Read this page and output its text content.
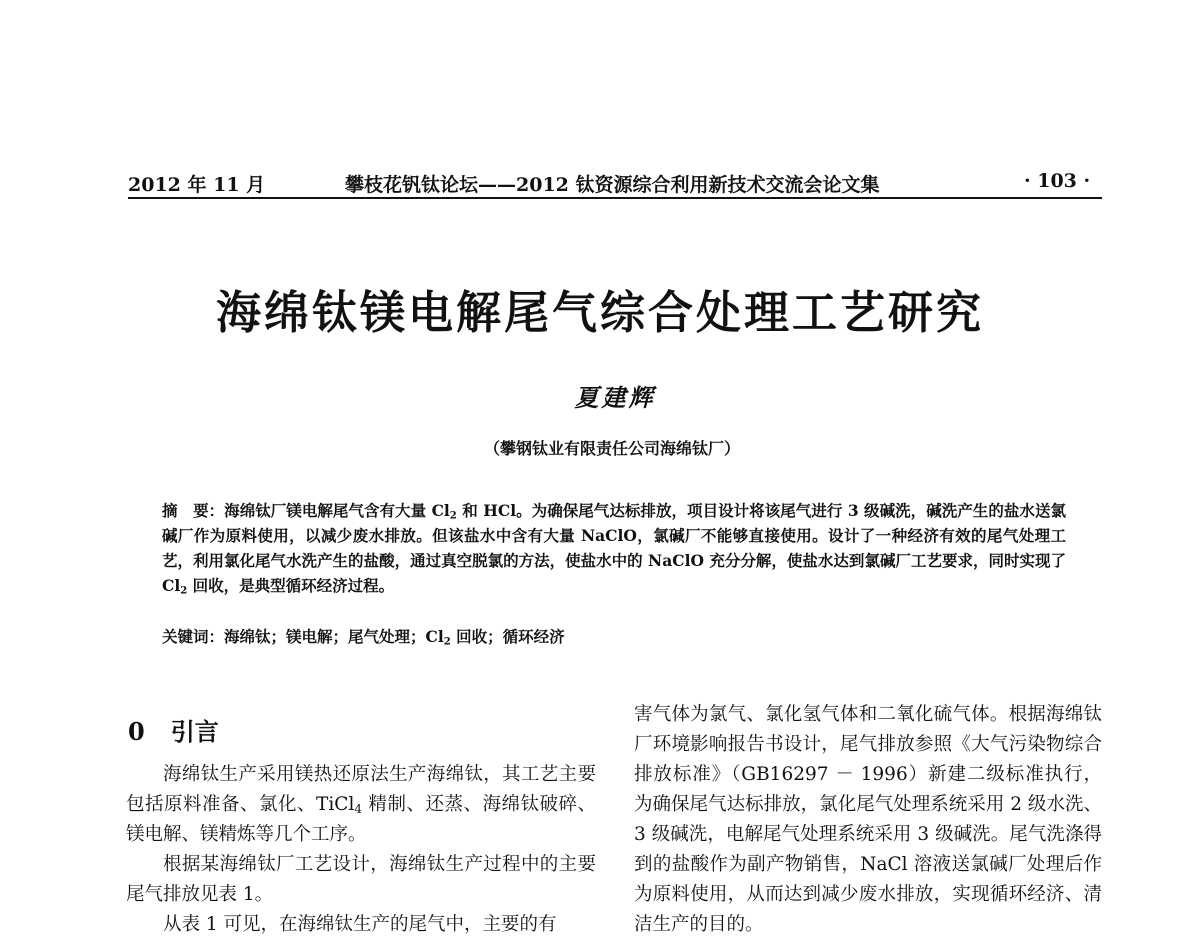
2012 年 11 月	攀枝花钒钛论坛——2012 钛资源综合利用新技术交流会论文集	· 103 ·
海绵钛镁电解尾气综合处理工艺研究
夏建辉
（攀钢钛业有限责任公司海绵钛厂）
摘　要：海绵钛厂镁电解尾气含有大量 $Cl_2$ 和 HCl。为确保尾气达标排放，项目设计将该尾气进行 3 级碱洗，碱洗产生的盐水送氯碱厂作为原料使用，以减少废水排放。但该盐水中含有大量 NaClO，氯碱厂不能够直接使用。设计了一种经济有效的尾气处理工艺，利用氯化尾气水洗产生的盐酸，通过真空脱氯的方法，使盐水中的 NaClO 充分分解，使盐水达到氯碱厂工艺要求，同时实现了 $Cl_2$ 回收，是典型循环经济过程。
关键词：海绵钛；镁电解；尾气处理；$Cl_2$ 回收；循环经济
0 引言

海绵钛生产采用镁热还原法生产海绵钛，其工艺主要包括原料准备、氯化、TiCl$_4$ 精制、还蒸、海绵钛破碎、镁电解、镁精炼等几个工序。

根据某海绵钛厂工艺设计，海绵钛生产过程中的主要尾气排放见表 1。

从表 1 可见，在海绵钛生产的尾气中，主要的有

害气体为氯气、氯化氢气体和二氧化硫气体。根据海绵钛厂环境影响报告书设计，尾气排放参照《大气污染物综合排放标准》（GB16297 － 1996）新建二级标准执行，为确保尾气达标排放，氯化尾气处理系统采用 2 级水洗、3 级碱洗，电解尾气处理系统采用 3 级碱洗。尾气洗涤得到的盐酸作为副产物销售，NaCl 溶液送氯碱厂处理后作为原料使用，从而达到减少废水排放，实现循环经济、清洁生产的目的。
